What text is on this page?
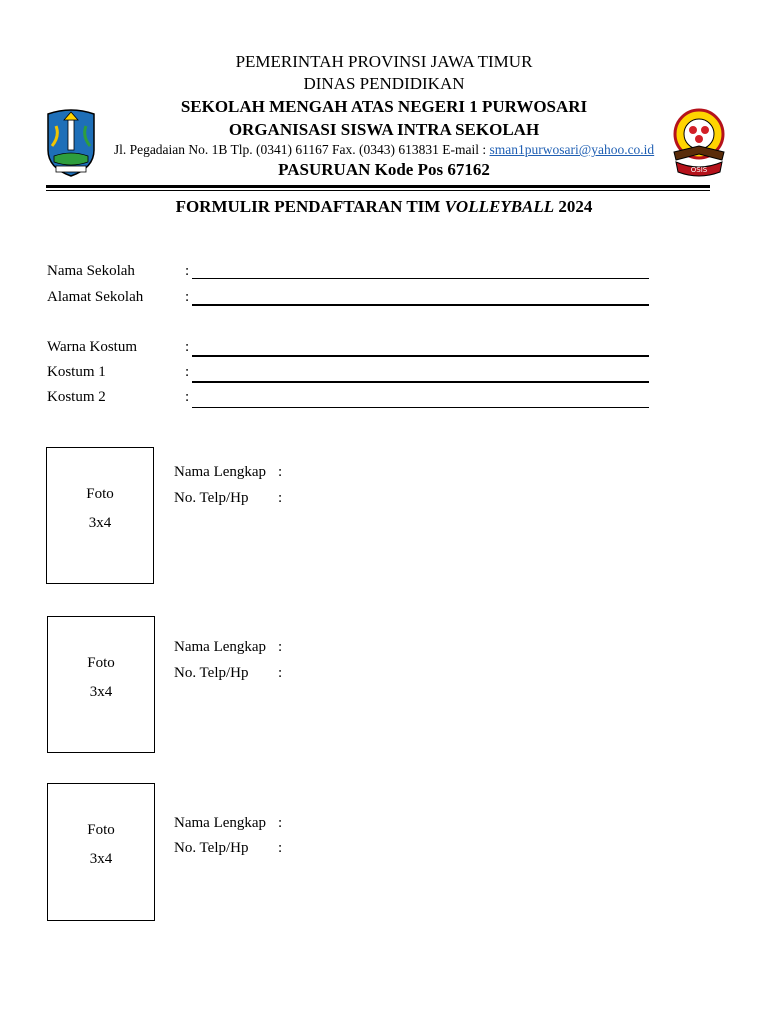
OSIS
PEMERINTAH PROVINSI JAWA TIMUR
DINAS PENDIDIKAN
SEKOLAH MENGAH ATAS NEGERI 1 PURWOSARI
ORGANISASI SISWA INTRA SEKOLAH
Jl. Pegadaian No. 1B Tlp. (0341) 61167 Fax. (0343) 613831 E-mail : sman1purwosari@yahoo.co.id
PASURUAN Kode Pos 67162
FORMULIR PENDAFTARAN TIM VOLLEYBALL 2024
Nama Sekolah	:
Alamat Sekolah	:
Warna Kostum	:
Kostum 1	:
Kostum 2	:
Foto
3x4
Nama Lengkap :
No. Telp/Hp :
Foto
3x4
Nama Lengkap :
No. Telp/Hp :
Foto
3x4
Nama Lengkap :
No. Telp/Hp :
